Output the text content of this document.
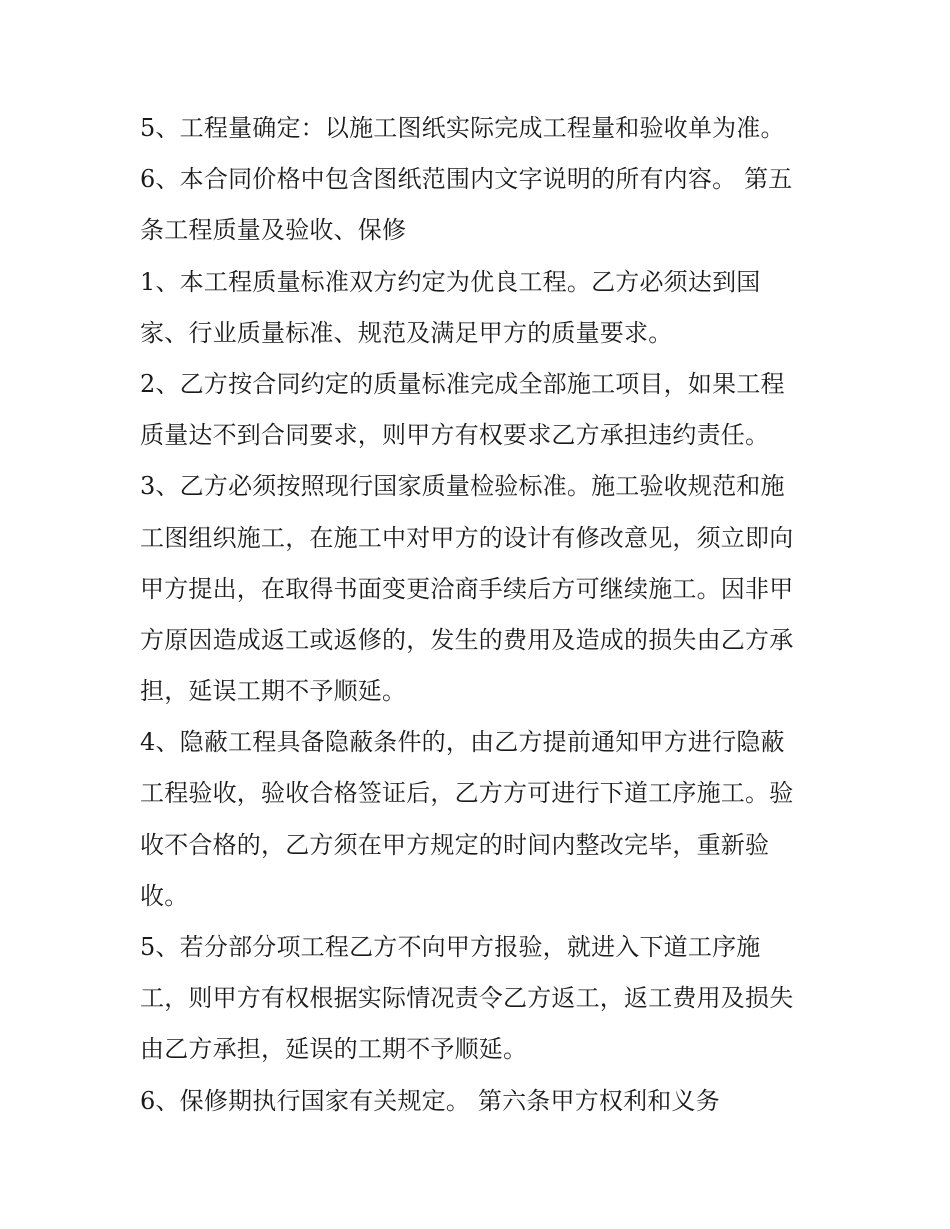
5、工程量确定：以施工图纸实际完成工程量和验收单为准。
6、本合同价格中包含图纸范围内文字说明的所有内容。 第五
条工程质量及验收、保修
1、本工程质量标准双方约定为优良工程。乙方必须达到国
家、行业质量标准、规范及满足甲方的质量要求。
2、乙方按合同约定的质量标准完成全部施工项目，如果工程
质量达不到合同要求，则甲方有权要求乙方承担违约责任。
3、乙方必须按照现行国家质量检验标准。施工验收规范和施
工图组织施工，在施工中对甲方的设计有修改意见，须立即向
甲方提出，在取得书面变更洽商手续后方可继续施工。因非甲
方原因造成返工或返修的，发生的费用及造成的损失由乙方承
担，延误工期不予顺延。
4、隐蔽工程具备隐蔽条件的，由乙方提前通知甲方进行隐蔽
工程验收，验收合格签证后，乙方方可进行下道工序施工。验
收不合格的，乙方须在甲方规定的时间内整改完毕，重新验
收。
5、若分部分项工程乙方不向甲方报验，就进入下道工序施
工，则甲方有权根据实际情况责令乙方返工，返工费用及损失
由乙方承担，延误的工期不予顺延。
6、保修期执行国家有关规定。 第六条甲方权利和义务
